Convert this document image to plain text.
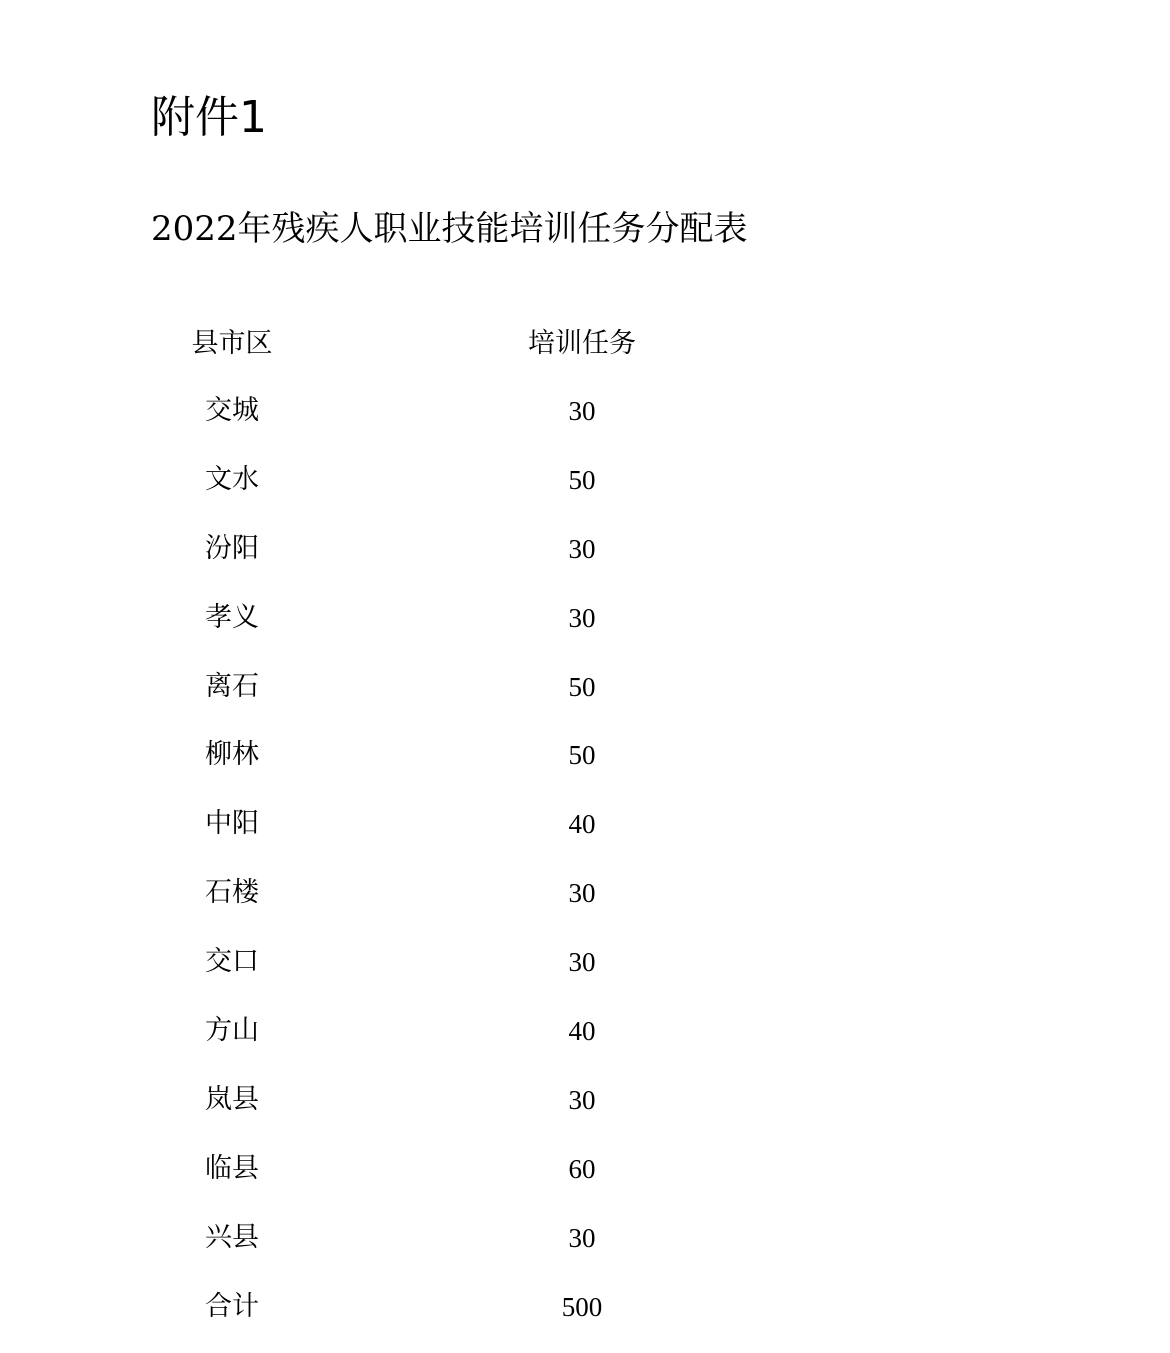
附件1
2022年残疾人职业技能培训任务分配表
县市区	培训任务
交城	30
文水	50
汾阳	30
孝义	30
离石	50
柳林	50
中阳	40
石楼	30
交口	30
方山	40
岚县	30
临县	60
兴县	30
合计	500
